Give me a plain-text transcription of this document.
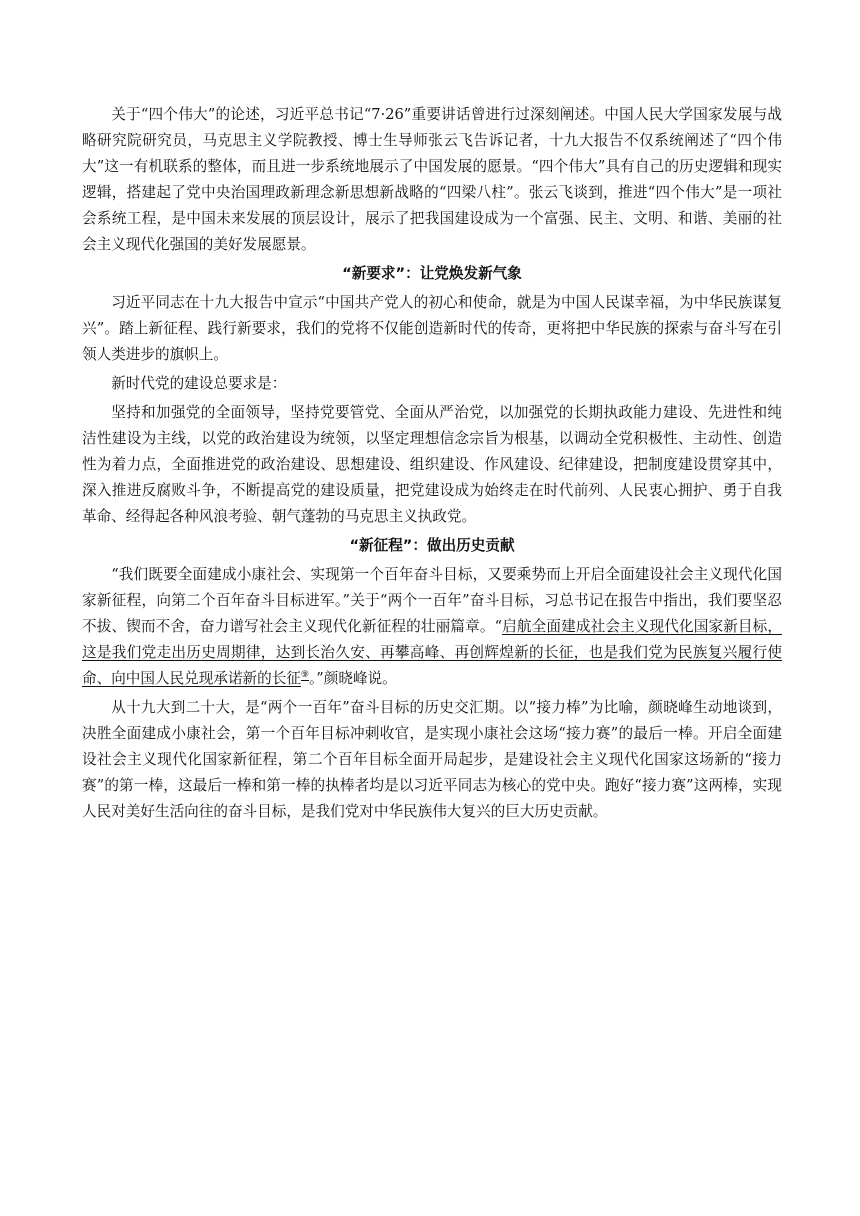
关于“四个伟大”的论述，习近平总书记“7·26”重要讲话曾进行过深刻阐述。中国人民大学国家发展与战略研究院研究员，马克思主义学院教授、博士生导师张云飞告诉记者，十九大报告不仅系统阐述了“四个伟大”这一有机联系的整体，而且进一步系统地展示了中国发展的愿景。“四个伟大”具有自己的历史逻辑和现实逻辑，搭建起了党中央治国理政新理念新思想新战略的“四梁八柱”。张云飞谈到，推进“四个伟大”是一项社会系统工程，是中国未来发展的顶层设计，展示了把我国建设成为一个富强、民主、文明、和谐、美丽的社会主义现代化强国的美好发展愿景。

“新要求”：让党焕发新气象

习近平同志在十九大报告中宣示“中国共产党人的初心和使命，就是为中国人民谋幸福，为中华民族谋复兴”。踏上新征程、践行新要求，我们的党将不仅能创造新时代的传奇，更将把中华民族的探索与奋斗写在引领人类进步的旗帜上。

新时代党的建设总要求是：

坚持和加强党的全面领导，坚持党要管党、全面从严治党，以加强党的长期执政能力建设、先进性和纯洁性建设为主线，以党的政治建设为统领，以坚定理想信念宗旨为根基，以调动全党积极性、主动性、创造性为着力点，全面推进党的政治建设、思想建设、组织建设、作风建设、纪律建设，把制度建设贯穿其中，深入推进反腐败斗争，不断提高党的建设质量，把党建设成为始终走在时代前列、人民衷心拥护、勇于自我革命、经得起各种风浪考验、朝气蓬勃的马克思主义执政党。

“新征程”：做出历史贡献

“我们既要全面建成小康社会、实现第一个百年奋斗目标，又要乘势而上开启全面建设社会主义现代化国家新征程，向第二个百年奋斗目标进军。”关于“两个一百年”奋斗目标，习总书记在报告中指出，我们要坚忍不拔、锲而不舍，奋力谱写社会主义现代化新征程的壮丽篇章。“启航全面建成社会主义现代化国家新目标，这是我们党走出历史周期律，达到长治久安、再攀高峰、再创辉煌新的长征，也是我们党为民族复兴履行使命、向中国人民兑现承诺新的长征⑨。”颜晓峰说。

从十九大到二十大，是“两个一百年”奋斗目标的历史交汇期。以“接力棒”为比喻，颜晓峰生动地谈到，决胜全面建成小康社会，第一个百年目标冲刺收官，是实现小康社会这场“接力赛”的最后一棒。开启全面建设社会主义现代化国家新征程，第二个百年目标全面开局起步，是建设社会主义现代化国家这场新的“接力赛”的第一棒，这最后一棒和第一棒的执棒者均是以习近平同志为核心的党中央。跑好“接力赛”这两棒，实现人民对美好生活向往的奋斗目标，是我们党对中华民族伟大复兴的巨大历史贡献。
